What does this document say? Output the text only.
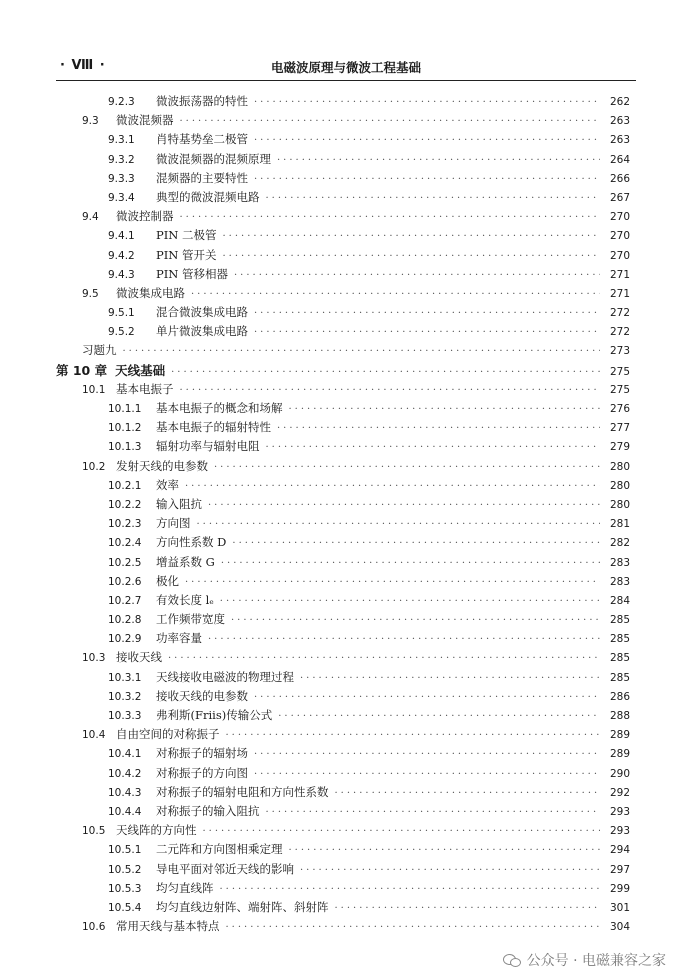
· Ⅷ ·	电磁波原理与微波工程基础
9.2.3	微波振荡器的特性 ·····	262
9.3	微波混频器 ·····	263
9.3.1	肖特基势垒二极管 ·····	263
9.3.2	微波混频器的混频原理 ·····	264
9.3.3	混频器的主要特性 ·····	266
9.3.4	典型的微波混频电路 ·····	267
9.4	微波控制器 ·····	270
9.4.1	PIN 二极管 ·····	270
9.4.2	PIN 管开关 ·····	270
9.4.3	PIN 管移相器 ·····	271
9.5	微波集成电路 ·····	271
9.5.1	混合微波集成电路 ·····	272
9.5.2	单片微波集成电路 ·····	272
习题九 ·····	273
第 10 章 天线基础 ·····	275
10.1 基本电振子 ·····	275
10.1.1	基本电振子的概念和场解 ·····	276
10.1.2	基本电振子的辐射特性 ·····	277
10.1.3	辐射功率与辐射电阻 ·····	279
10.2 发射天线的电参数 ·····	280
10.2.1	效率 ·····	280
10.2.2	输入阻抗 ·····	280
10.2.3	方向图 ·····	281
10.2.4	方向性系数 D ·····	282
10.2.5	增益系数 G ·····	283
10.2.6	极化 ·····	283
10.2.7	有效长度 lₑ ·····	284
10.2.8	工作频带宽度 ·····	285
10.2.9	功率容量 ·····	285
10.3 接收天线 ·····	285
10.3.1	天线接收电磁波的物理过程 ·····	285
10.3.2	接收天线的电参数 ·····	286
10.3.3	弗利斯(Friis)传输公式 ·····	288
10.4 自由空间的对称振子 ·····	289
10.4.1	对称振子的辐射场 ·····	289
10.4.2	对称振子的方向图 ·····	290
10.4.3	对称振子的辐射电阻和方向性系数 ·····	292
10.4.4	对称振子的输入阻抗 ·····	293
10.5 天线阵的方向性 ·····	293
10.5.1	二元阵和方向图相乘定理 ·····	294
10.5.2	导电平面对邻近天线的影响 ·····	297
10.5.3	均匀直线阵 ·····	299
10.5.4	均匀直线边射阵、端射阵、斜射阵 ·····	301
10.6 常用天线与基本特点 ·····	304
公众号 · 电磁兼容之家
